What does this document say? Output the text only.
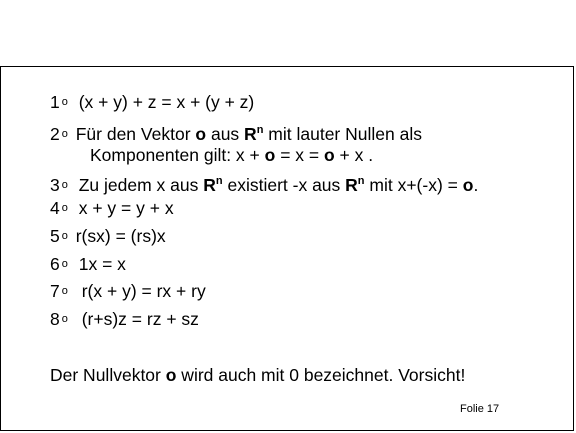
1 o (x + y) + z = x + (y + z)
2 o Für den Vektor o aus $R^n$ mit lauter Nullen als
Komponenten gilt: x + o = x = o + x .
3 o Zu jedem x aus $R^n$ existiert -x aus $R^n$ mit x+(-x) = o.
4 o x + y = y + x
5 o r(sx) = (rs)x
6 o 1x = x
7 o r(x + y) = rx + ry
8 o (r+s)z = rz + sz
Der Nullvektor o wird auch mit 0 bezeichnet. Vorsicht!
Folie 17
